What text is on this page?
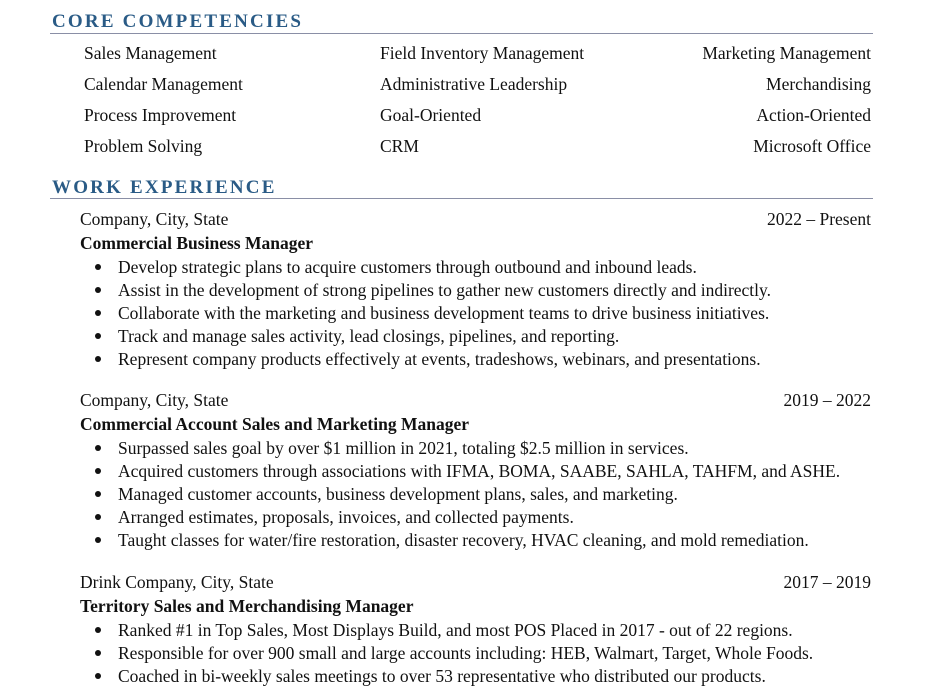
CORE COMPETENCIES
Sales Management	Field Inventory Management	Marketing Management
Calendar Management	Administrative Leadership	Merchandising
Process Improvement	Goal-Oriented	Action-Oriented
Problem Solving	CRM	Microsoft Office
WORK EXPERIENCE
Company, City, State	2022 – Present
Commercial Business Manager
Develop strategic plans to acquire customers through outbound and inbound leads.
Assist in the development of strong pipelines to gather new customers directly and indirectly.
Collaborate with the marketing and business development teams to drive business initiatives.
Track and manage sales activity, lead closings, pipelines, and reporting.
Represent company products effectively at events, tradeshows, webinars, and presentations.
Company, City, State	2019 – 2022
Commercial Account Sales and Marketing Manager
Surpassed sales goal by over $1 million in 2021, totaling $2.5 million in services.
Acquired customers through associations with IFMA, BOMA, SAABE, SAHLA, TAHFM, and ASHE.
Managed customer accounts, business development plans, sales, and marketing.
Arranged estimates, proposals, invoices, and collected payments.
Taught classes for water/fire restoration, disaster recovery, HVAC cleaning, and mold remediation.
Drink Company, City, State	2017 – 2019
Territory Sales and Merchandising Manager
Ranked #1 in Top Sales, Most Displays Build, and most POS Placed in 2017 - out of 22 regions.
Responsible for over 900 small and large accounts including: HEB, Walmart, Target, Whole Foods.
Coached in bi-weekly sales meetings to over 53 representative who distributed our products.
